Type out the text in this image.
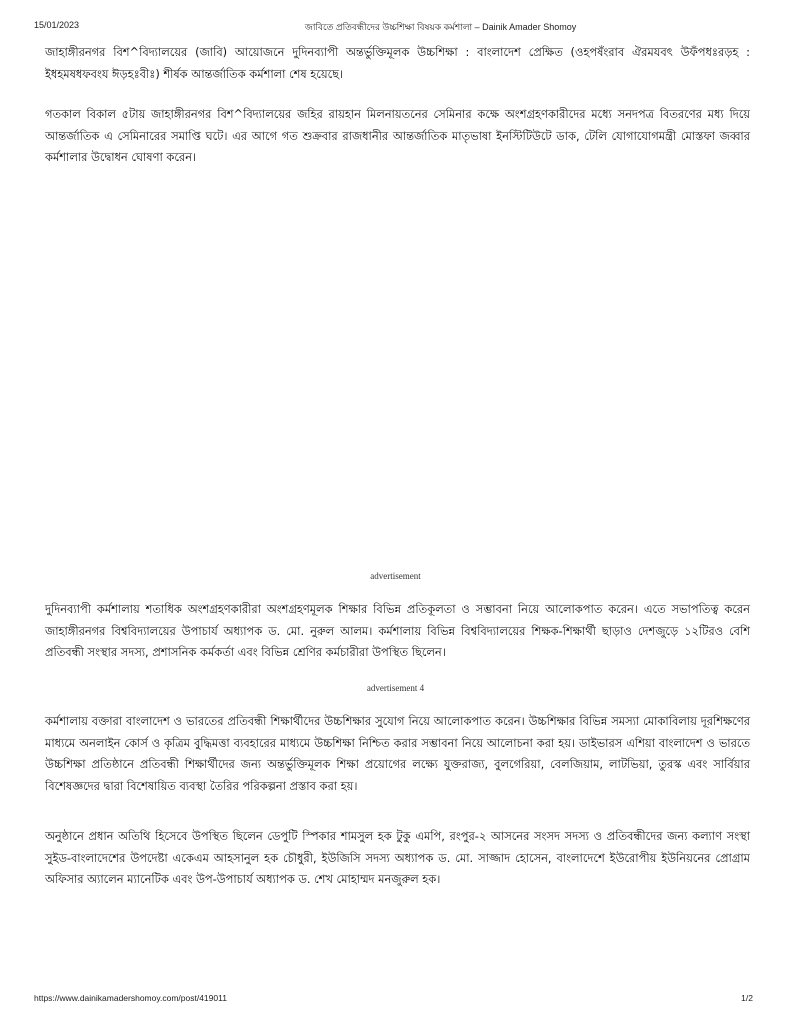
15/01/2023	জাবিতে প্রতিবন্ধীদের উচ্চশিক্ষা বিষয়ক কর্মশালা – Dainik Amader Shomoy

জাহাঙ্গীরনগর বিশ^বিদ্যালয়ের (জাবি) আয়োজনে দুদিনব্যাপী অন্তর্ভুক্তিমূলক উচ্চশিক্ষা : বাংলাদেশ প্রেক্ষিত (ওহপষঁংরাব ঐরমযবৎ উফঁপধঃরড়হ : ইধহমষধফবংয ঈড়হঃবীঃ) শীর্ষক আন্তর্জাতিক কর্মশালা শেষ হয়েছে।

গতকাল বিকাল ৫টায় জাহাঙ্গীরনগর বিশ^বিদ্যালয়ের জহির রায়হান মিলনায়তনের সেমিনার কক্ষে অংশগ্রহণকারীদের মধ্যে সনদপত্র বিতরণের মধ্য দিয়ে আন্তর্জাতিক এ সেমিনারের সমাপ্তি ঘটে। এর আগে গত শুক্রবার রাজধানীর আন্তর্জাতিক মাতৃভাষা ইনস্টিটিউটে ডাক, টেলি যোগাযোগমন্ত্রী মোস্তফা জব্বার কর্মশালার উদ্বোধন ঘোষণা করেন।

advertisement

দুদিনব্যাপী কর্মশালায় শতাধিক অংশগ্রহণকারীরা অংশগ্রহণমূলক শিক্ষার বিভিন্ন প্রতিকূলতা ও সম্ভাবনা নিয়ে আলোকপাত করেন। এতে সভাপতিত্ব করেন জাহাঙ্গীরনগর বিশ্ববিদ্যালয়ের উপাচার্য অধ্যাপক ড. মো. নুরুল আলম। কর্মশালায় বিভিন্ন বিশ্ববিদ্যালয়ের শিক্ষক-শিক্ষার্থী ছাড়াও দেশজুড়ে ১২টিরও বেশি প্রতিবন্ধী সংস্থার সদস্য, প্রশাসনিক কর্মকর্তা এবং বিভিন্ন শ্রেণির কর্মচারীরা উপস্থিত ছিলেন।

advertisement 4

কর্মশালায় বক্তারা বাংলাদেশ ও ভারতের প্রতিবন্ধী শিক্ষার্থীদের উচ্চশিক্ষার সুযোগ নিয়ে আলোকপাত করেন। উচ্চশিক্ষার বিভিন্ন সমস্যা মোকাবিলায় দূরশিক্ষণের মাধ্যমে অনলাইন কোর্স ও কৃত্রিম বুদ্ধিমত্তা ব্যবহারের মাধ্যমে উচ্চশিক্ষা নিশ্চিত করার সম্ভাবনা নিয়ে আলোচনা করা হয়। ডাইভারস এশিয়া বাংলাদেশ ও ভারতে উচ্চশিক্ষা প্রতিষ্ঠানে প্রতিবন্ধী শিক্ষার্থীদের জন্য অন্তর্ভুক্তিমূলক শিক্ষা প্রয়োগের লক্ষ্যে যুক্তরাজ্য, বুলগেরিয়া, বেলজিয়াম, লাটভিয়া, তুরস্ক এবং সার্বিয়ার বিশেষজ্ঞদের দ্বারা বিশেষায়িত ব্যবস্থা তৈরির পরিকল্পনা প্রস্তাব করা হয়।

অনুষ্ঠানে প্রধান অতিথি হিসেবে উপস্থিত ছিলেন ডেপুটি স্পিকার শামসুল হক টুকু এমপি, রংপুর-২ আসনের সংসদ সদস্য ও প্রতিবন্ধীদের জন্য কল্যাণ সংস্থা সুইড-বাংলাদেশের উপদেষ্টা একেএম আহসানুল হক চৌধুরী, ইউজিসি সদস্য অধ্যাপক ড. মো. সাজ্জাদ হোসেন, বাংলাদেশে ইউরোপীয় ইউনিয়নের প্রোগ্রাম অফিসার অ্যালেন ম্যানেটিক এবং উপ-উপাচার্য অধ্যাপক ড. শেখ মোহাম্মদ মনজুরুল হক।

https://www.dainikamadershomoy.com/post/419011	1/2
